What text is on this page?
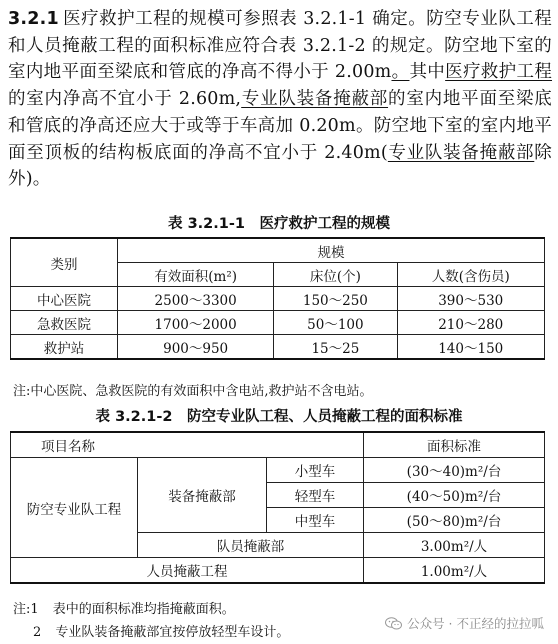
3.2.1 医疗救护工程的规模可参照表 3.2.1-1 确定。防空专业队工程和人员掩蔽工程的面积标准应符合表 3.2.1-2 的规定。防空地下室的室内地平面至梁底和管底的净高不得小于 2.00m。其中医疗救护工程的室内净高不宜小于 2.60m,专业队装备掩蔽部的室内地平面至梁底和管底的净高还应大于或等于车高加 0.20m。防空地下室的室内地平面至顶板的结构板底面的净高不宜小于 2.40m(专业队装备掩蔽部除外)。
表 3.2.1-1　医疗救护工程的规模
类别	规模		
	有效面积(m²)	床位(个)	人数(含伤员)
中心医院	2500～3300	150～250	390～530
急救医院	1700～2000	50～100	210～280
救护站	900～950	15～25	140～150
注:中心医院、急救医院的有效面积中含电站,救护站不含电站。
表 3.2.1-2　防空专业队工程、人员掩蔽工程的面积标准
项目名称			面积标准
防空专业队工程	装备掩蔽部	小型车	(30～40)m²/台
		轻型车	(40～50)m²/台
		中型车	(50～80)m²/台
	队员掩蔽部		3.00m²/人
人员掩蔽工程			1.00m²/人
注:1 表中的面积标准均指掩蔽面积。
2 专业队装备掩蔽部宜按停放轻型车设计。
公众号 · 不正经的拉拉呱
